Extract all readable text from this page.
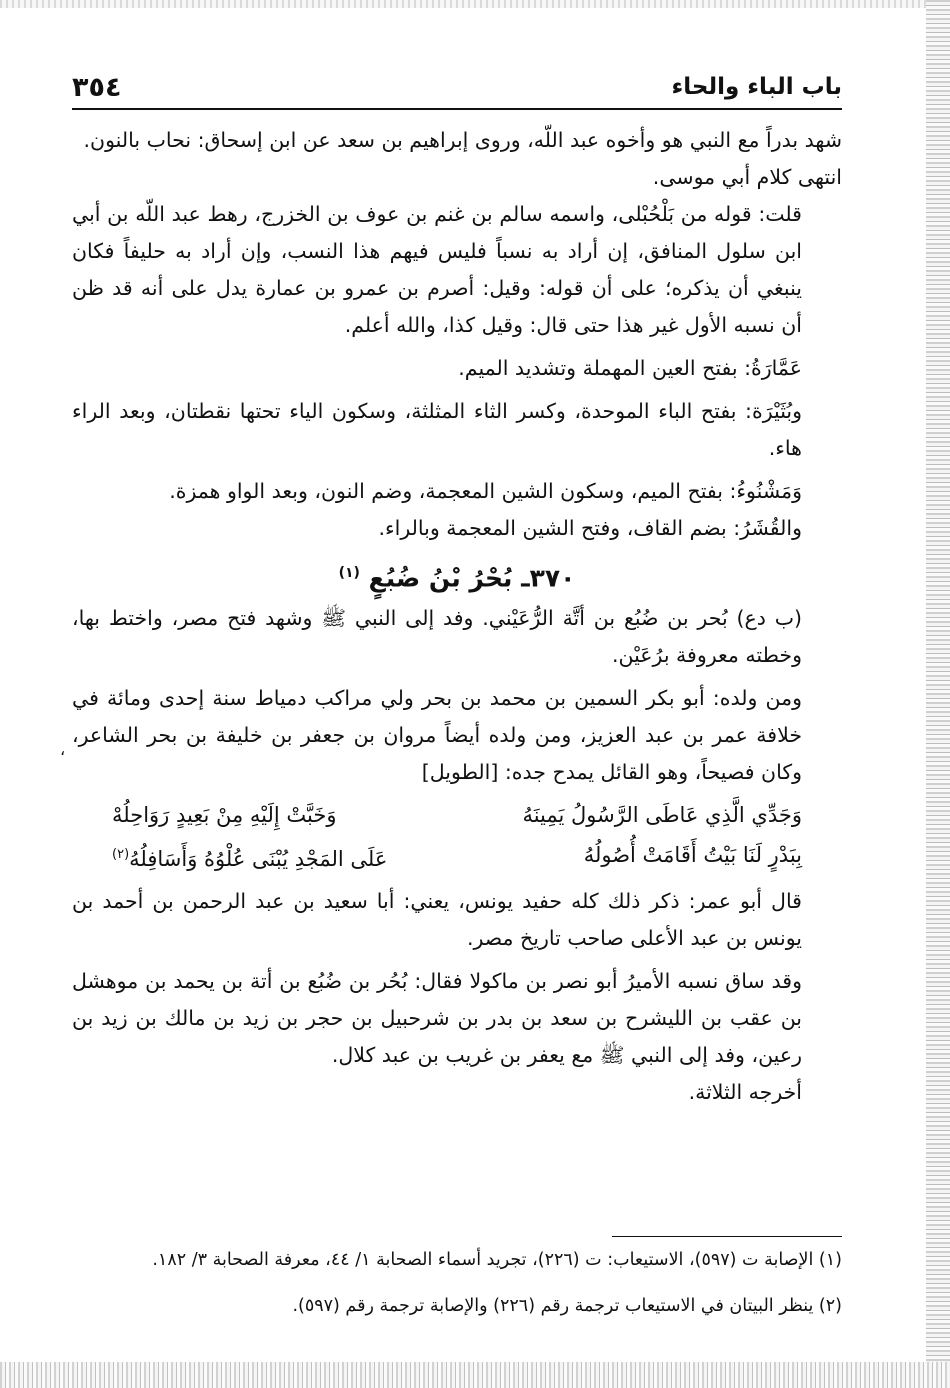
باب الباء والحاء
٣٥٤

شهد بدراً مع النبي هو وأخوه عبد اللّه، وروى إبراهيم بن سعد عن ابن إسحاق: نحاب بالنون.

انتهى كلام أبي موسى.

قلت: قوله من بَلْحُبْلى، واسمه سالم بن غنم بن عوف بن الخزرج، رهط عبد اللّه بن أبي ابن سلول المنافق، إن أراد به نسباً فليس فيهم هذا النسب، وإن أراد به حليفاً فكان ينبغي أن يذكره؛ على أن قوله: وقيل: أصرم بن عمرو بن عمارة يدل على أنه قد ظن أن نسبه الأول غير هذا حتى قال: وقيل كذا، والله أعلم.

عَمَّارَةُ: بفتح العين المهملة وتشديد الميم.

وبُثَيْرَة: بفتح الباء الموحدة، وكسر الثاء المثلثة، وسكون الياء تحتها نقطتان، وبعد الراء هاء.

وَمَشْنُوءُ: بفتح الميم، وسكون الشين المعجمة، وضم النون، وبعد الواو همزة.

والقُشَرُ: بضم القاف، وفتح الشين المعجمة وبالراء.

٣٧٠ـ بُحْرُ بْنُ ضُبُعٍ $^{(١)}$

(ب دع) بُحر بن ضُبُع بن أتَّة الرُّعَيْني. وفد إلى النبي ﷺ وشهد فتح مصر، واختط بها، وخطته معروفة برُعَيْن.

ومن ولده: أبو بكر السمين بن محمد بن بحر ولي مراكب دمياط سنة إحدى ومائة في خلافة عمر بن عبد العزيز، ومن ولده أيضاً مروان بن جعفر بن خليفة بن بحر الشاعر، وكان فصيحاً، وهو القائل يمدح جده: [الطويل]

وَجَدِّي الَّذِي عَاطَى الرَّسُولُ يَمِينَهُ
وَخَبَّتْ إِلَيْهِ مِنْ بَعِيدٍ رَوَاحِلُهْ
بِبَدْرٍ لَنَا بَيْتُ أَقَامَتْ أُصُولُهُ
عَلَى المَجْدِ يُبْنَى عُلْوُهُ وَأَسَافِلُهُ$^{(٢)}$

قال أبو عمر: ذكر ذلك كله حفيد يونس، يعني: أبا سعيد بن عبد الرحمن بن أحمد بن يونس بن عبد الأعلى صاحب تاريخ مصر.

وقد ساق نسبه الأميرُ أبو نصر بن ماكولا فقال: بُحُر بن ضُبُع بن أتة بن يحمد بن موهشل بن عقب بن الليشرح بن سعد بن بدر بن شرحبيل بن حجر بن زيد بن مالك بن زيد بن رعين، وفد إلى النبي ﷺ مع يعفر بن غريب بن عبد كلال.

أخرجه الثلاثة.

،

(١) الإصابة ت (٥٩٧)، الاستيعاب: ت (٢٢٦)، تجريد أسماء الصحابة ١/ ٤٤، معرفة الصحابة ٣/ ١٨٢.

(٢) ينظر البيتان في الاستيعاب ترجمة رقم (٢٢٦) والإصابة ترجمة رقم (٥٩٧).
